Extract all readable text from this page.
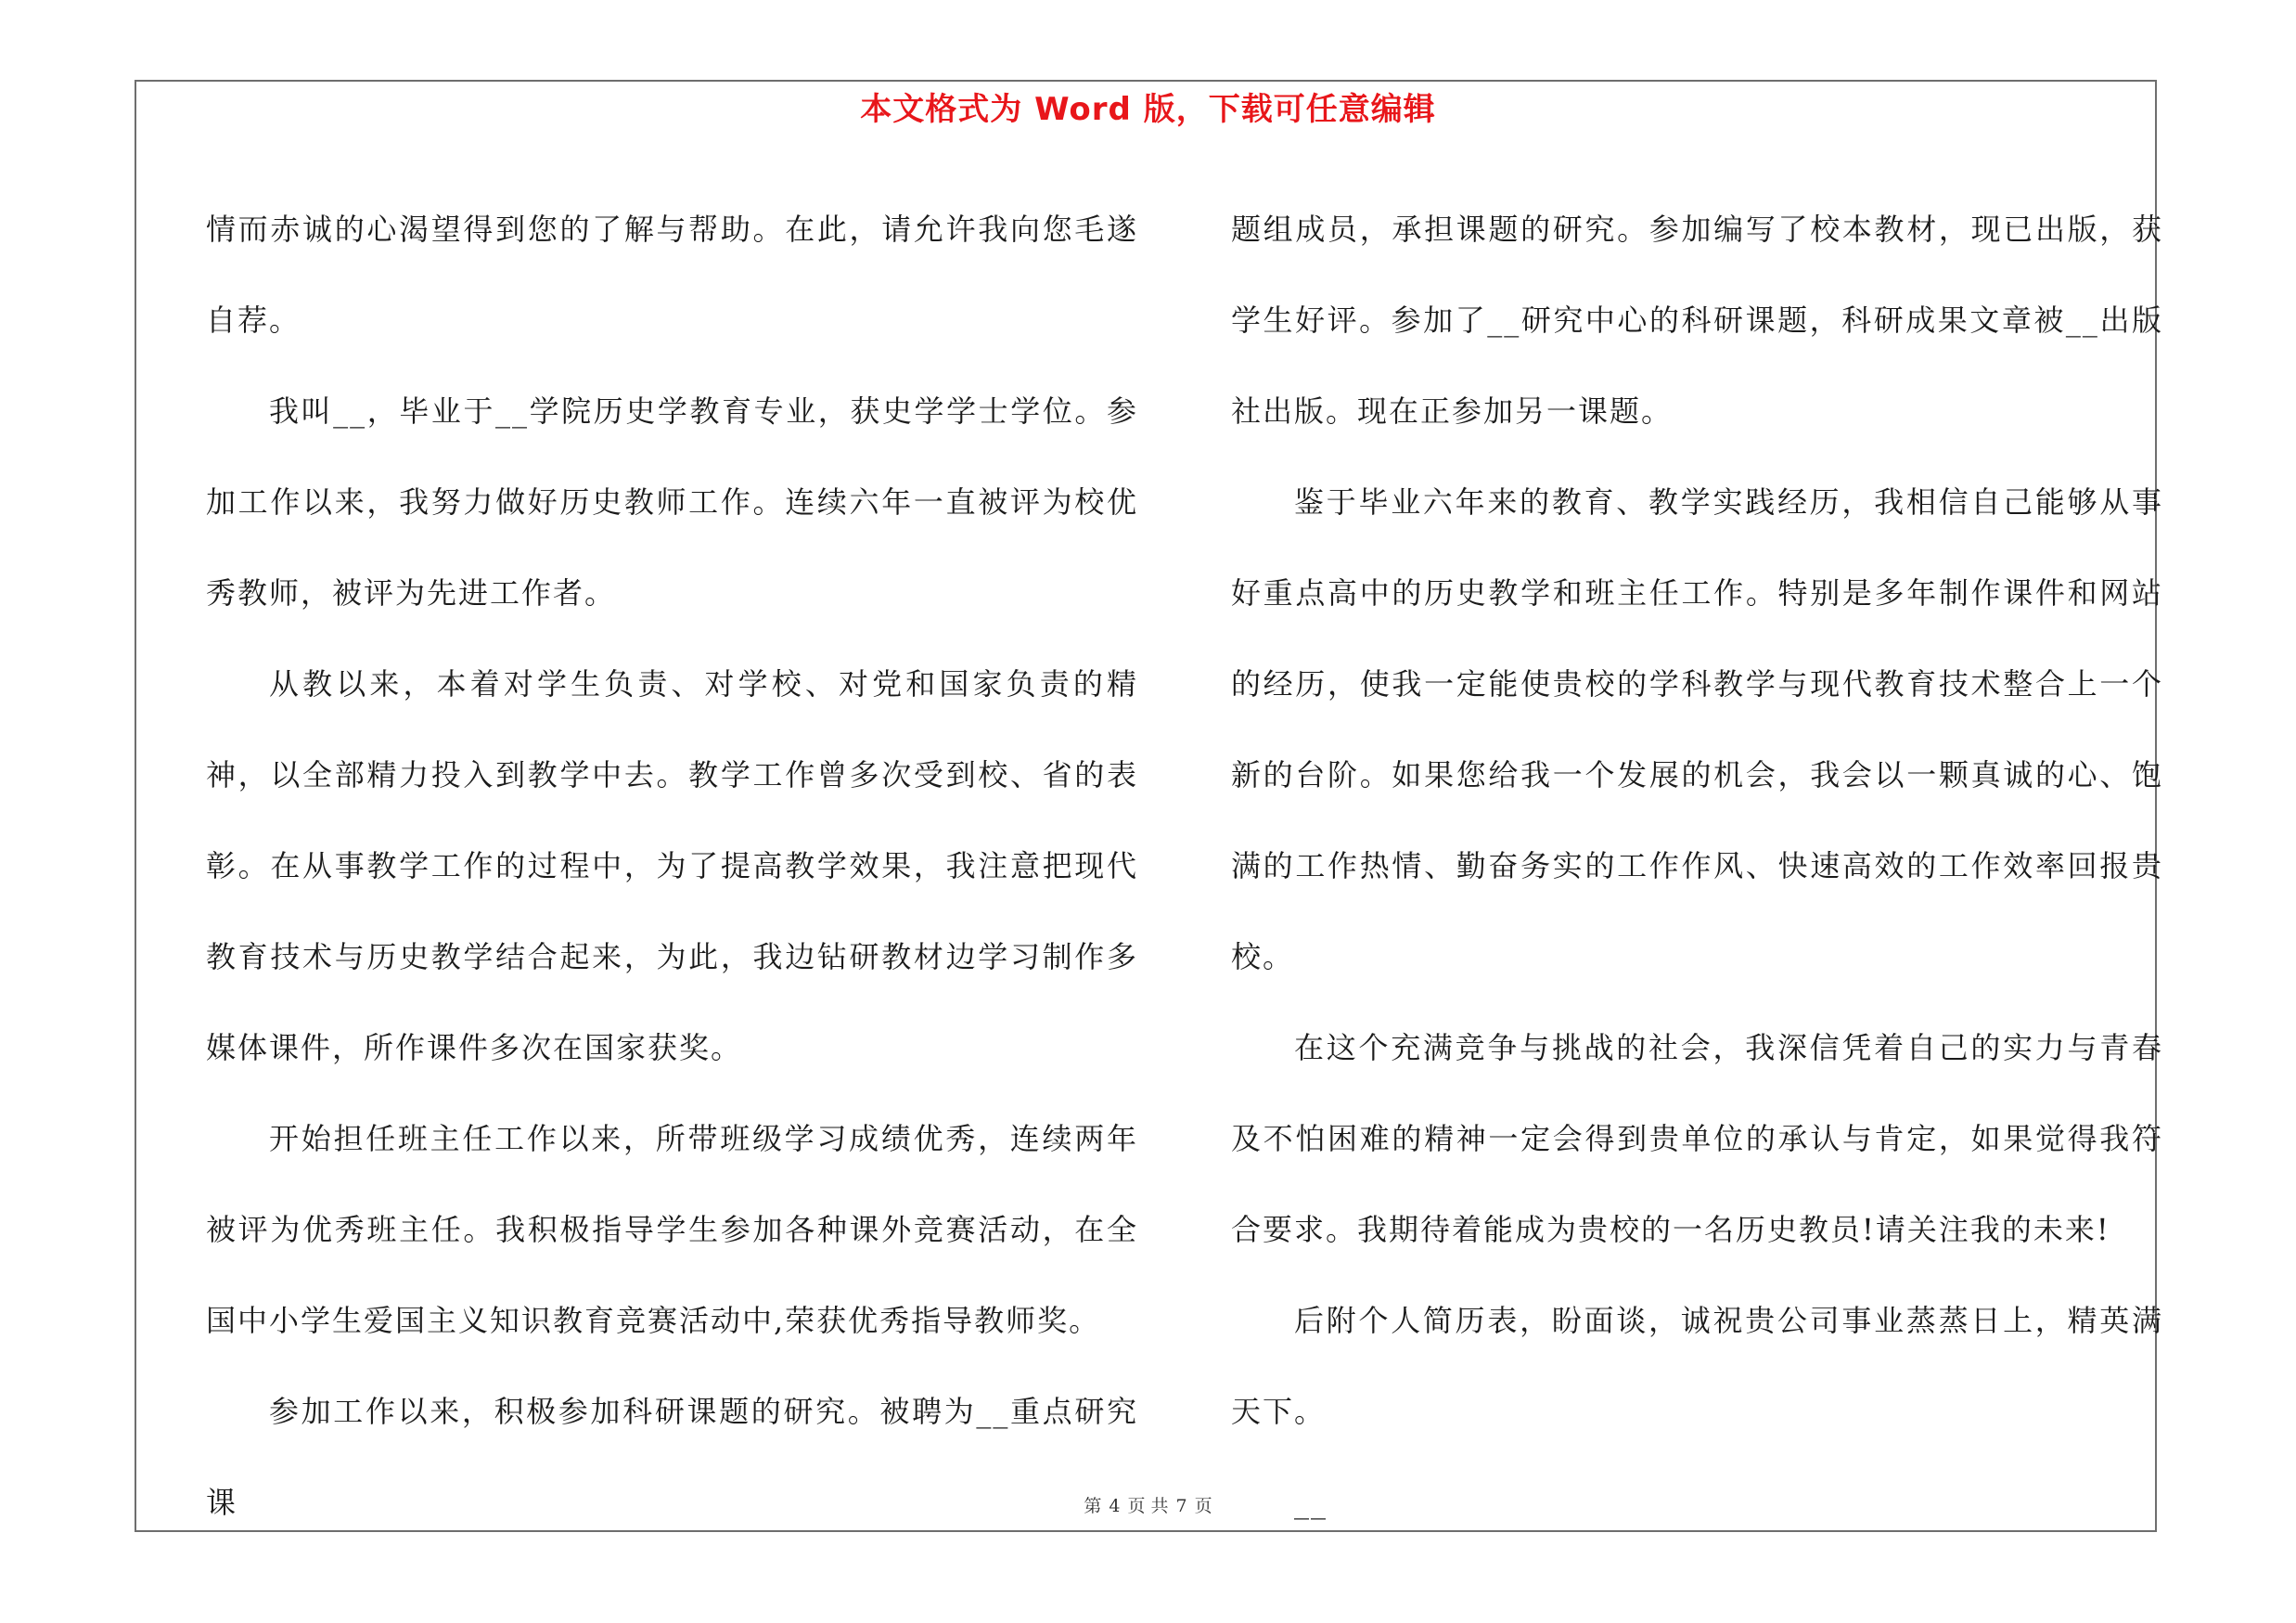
本文格式为 Word 版，下载可任意编辑

情而赤诚的心渴望得到您的了解与帮助。在此，请允许我向您毛遂自荐。

我叫__，毕业于__学院历史学教育专业，获史学学士学位。参加工作以来，我努力做好历史教师工作。连续六年一直被评为校优秀教师，被评为先进工作者。

从教以来，本着对学生负责、对学校、对党和国家负责的精神，以全部精力投入到教学中去。教学工作曾多次受到校、省的表彰。在从事教学工作的过程中，为了提高教学效果，我注意把现代教育技术与历史教学结合起来，为此，我边钻研教材边学习制作多媒体课件，所作课件多次在国家获奖。

开始担任班主任工作以来，所带班级学习成绩优秀，连续两年被评为优秀班主任。我积极指导学生参加各种课外竞赛活动，在全国中小学生爱国主义知识教育竞赛活动中,荣获优秀指导教师奖。

参加工作以来，积极参加科研课题的研究。被聘为__重点研究课

题组成员，承担课题的研究。参加编写了校本教材，现已出版，获学生好评。参加了__研究中心的科研课题，科研成果文章被__出版社出版。现在正参加另一课题。

鉴于毕业六年来的教育、教学实践经历，我相信自己能够从事好重点高中的历史教学和班主任工作。特别是多年制作课件和网站的经历，使我一定能使贵校的学科教学与现代教育技术整合上一个新的台阶。如果您给我一个发展的机会，我会以一颗真诚的心、饱满的工作热情、勤奋务实的工作作风、快速高效的工作效率回报贵校。

在这个充满竞争与挑战的社会，我深信凭着自己的实力与青春及不怕困难的精神一定会得到贵单位的承认与肯定，如果觉得我符合要求。我期待着能成为贵校的一名历史教员!请关注我的未来!

后附个人简历表，盼面谈，诚祝贵公司事业蒸蒸日上，精英满天下。

__

第 4 页 共 7 页
